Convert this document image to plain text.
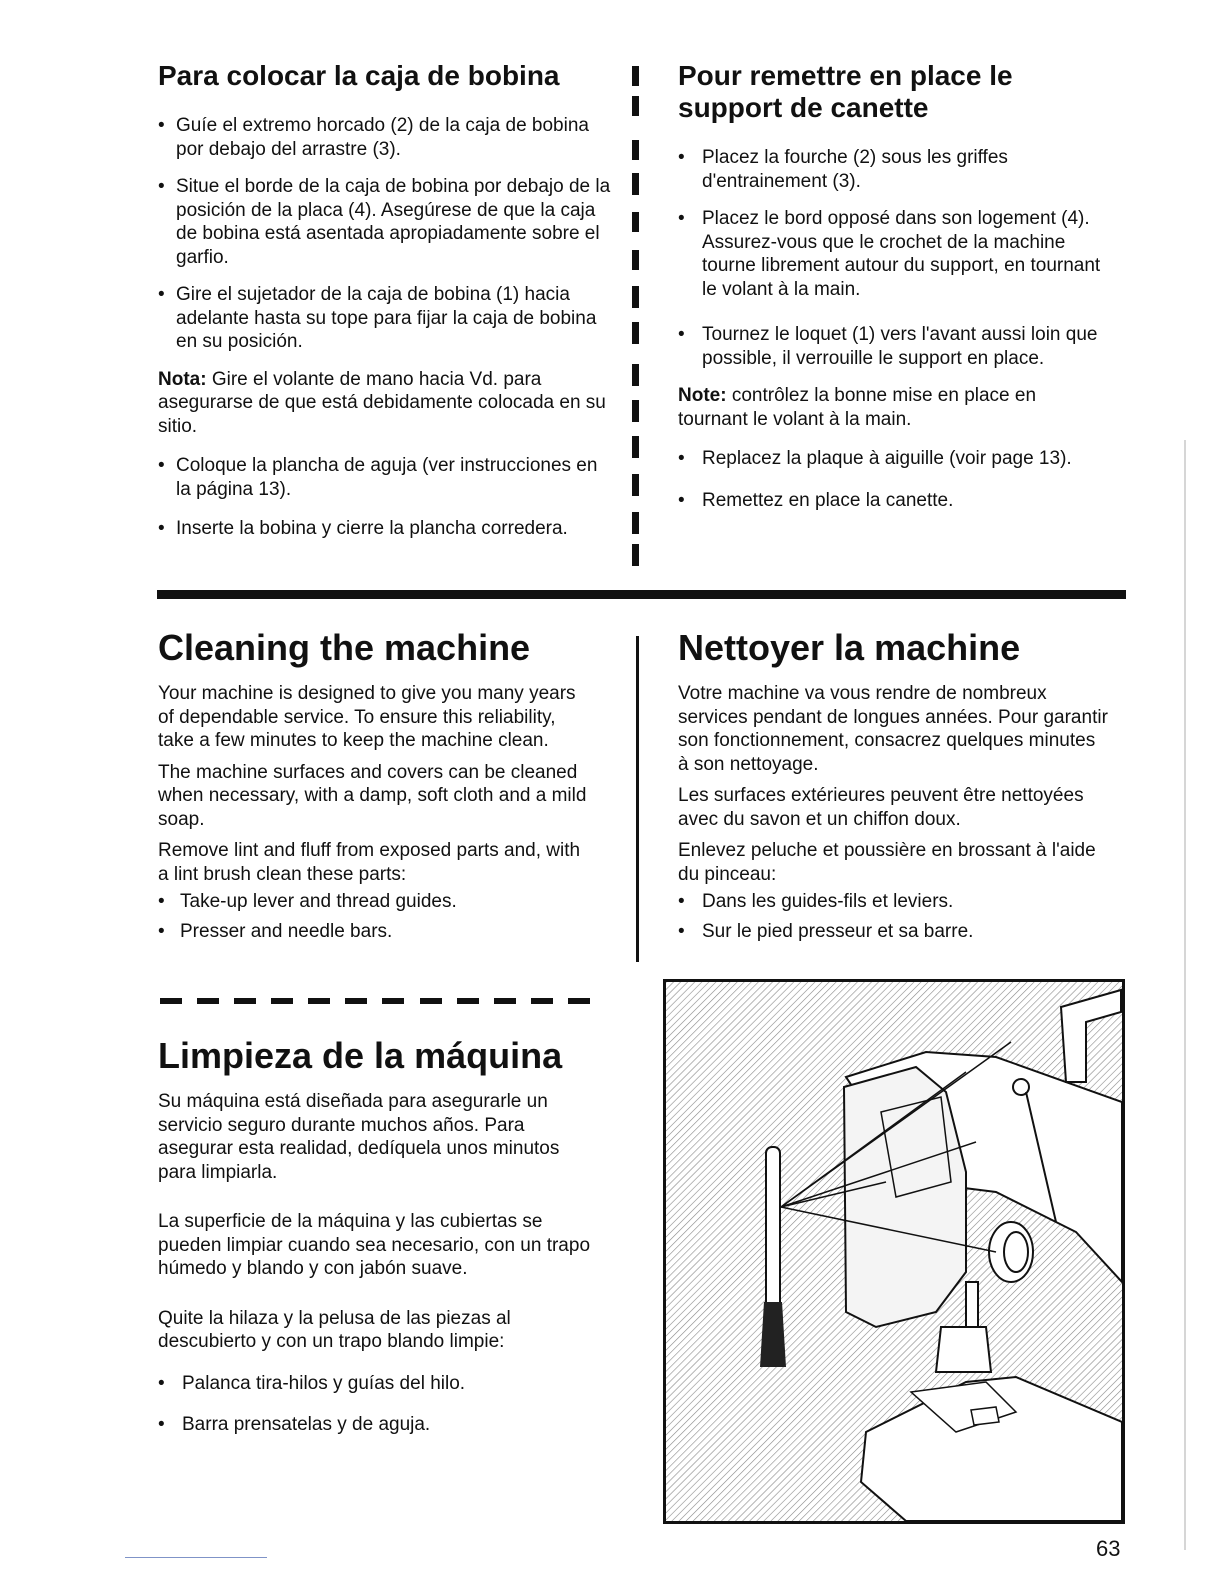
Para colocar la caja de bobina
• Guíe el extremo horcado (2) de la caja de bobina por debajo del arrastre (3).
• Situe el borde de la caja de bobina por debajo de la posición de la placa (4). Asegúrese de que la caja de bobina está asentada apropiadamente sobre el garfio.
• Gire el sujetador de la caja de bobina (1) hacia adelante hasta su tope para fijar la caja de bobina en su posición.

Nota: Gire el volante de mano hacia Vd. para asegurarse de que está debidamente colocada en su sitio.

• Coloque la plancha de aguja (ver instrucciones en la página 13).
• Inserte la bobina y cierre la plancha corredera.
Pour remettre en place le support de canette
• Placez la fourche (2) sous les griffes d'entrainement (3).
• Placez le bord opposé dans son logement (4). Assurez-vous que le crochet de la machine tourne librement autour du support, en tournant le volant à la main.
• Tournez le loquet (1) vers l'avant aussi loin que possible, il verrouille le support en place.

Note: contrôlez la bonne mise en place en tournant le volant à la main.

• Replacez la plaque à aiguille (voir page 13).
• Remettez en place la canette.
Cleaning the machine

Your machine is designed to give you many years of dependable service. To ensure this reliability, take a few minutes to keep the machine clean.

The machine surfaces and covers can be cleaned when necessary, with a damp, soft cloth and a mild soap.

Remove lint and fluff from exposed parts and, with a lint brush clean these parts:

• Take-up lever and thread guides.
• Presser and needle bars.
Limpieza de la máquina

Su máquina está diseñada para asegurarle un servicio seguro durante muchos años. Para asegurar esta realidad, dedíquela unos minutos para limpiarla.

La superficie de la máquina y las cubiertas se pueden limpiar cuando sea necesario, con un trapo húmedo y blando y con jabón suave.

Quite la hilaza y la pelusa de las piezas al descubierto y con un trapo blando limpie:

• Palanca tira-hilos y guías del hilo.
• Barra prensatelas y de aguja.
Nettoyer la machine

Votre machine va vous rendre de nombreux services pendant de longues années. Pour garantir son fonctionnement, consacrez quelques minutes à son nettoyage.

Les surfaces extérieures peuvent être nettoyées avec du savon et un chiffon doux.

Enlevez peluche et poussière en brossant à l'aide du pinceau:

• Dans les guides-fils et leviers.
• Sur le pied presseur et sa barre.
63
